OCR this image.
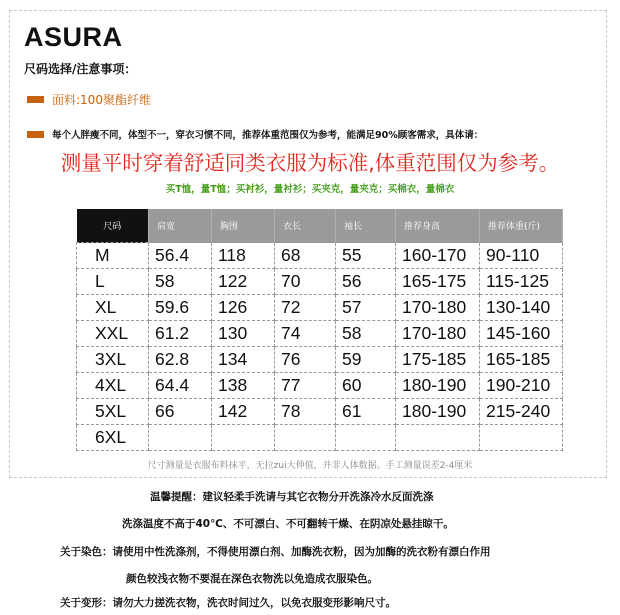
ASURA
尺码选择/注意事项：
面料:100聚酯纤维
每个人胖瘦不同，体型不一，穿衣习惯不同，推荐体重范围仅为参考，能满足90%顾客需求，具体请：
测量平时穿着舒适同类衣服为标准,体重范围仅为参考。
买T恤，量T恤；买衬衫，量衬衫；买夹克，量夹克；买棉衣，量棉衣
尺码	肩宽	胸围	衣长	袖长	推荐身高	推荐体重(斤)
M	56.4	118	68	55	160-170	90-110
L	58	122	70	56	165-175	115-125
XL	59.6	126	72	57	170-180	130-140
XXL	61.2	130	74	58	170-180	145-160
3XL	62.8	134	76	59	175-185	165-185
4XL	64.4	138	77	60	180-190	190-210
5XL	66	142	78	61	180-190	215-240
6XL						
尺寸测量是衣服布料抹平，无拉zui大伸值，并非人体数据。手工测量误差2-4厘米
温馨提醒：建议轻柔手洗请与其它衣物分开洗涤冷水反面洗涤
洗涤温度不高于40℃、不可漂白、不可翻转干燥、在阴凉处悬挂晾干。
关于染色：请使用中性洗涤剂，不得使用漂白剂、加酶洗衣粉，因为加酶的洗衣粉有漂白作用
颜色较浅衣物不要混在深色衣物洗以免造成衣服染色。
关于变形：请勿大力搓洗衣物，洗衣时间过久，以免衣服变形影响尺寸。
